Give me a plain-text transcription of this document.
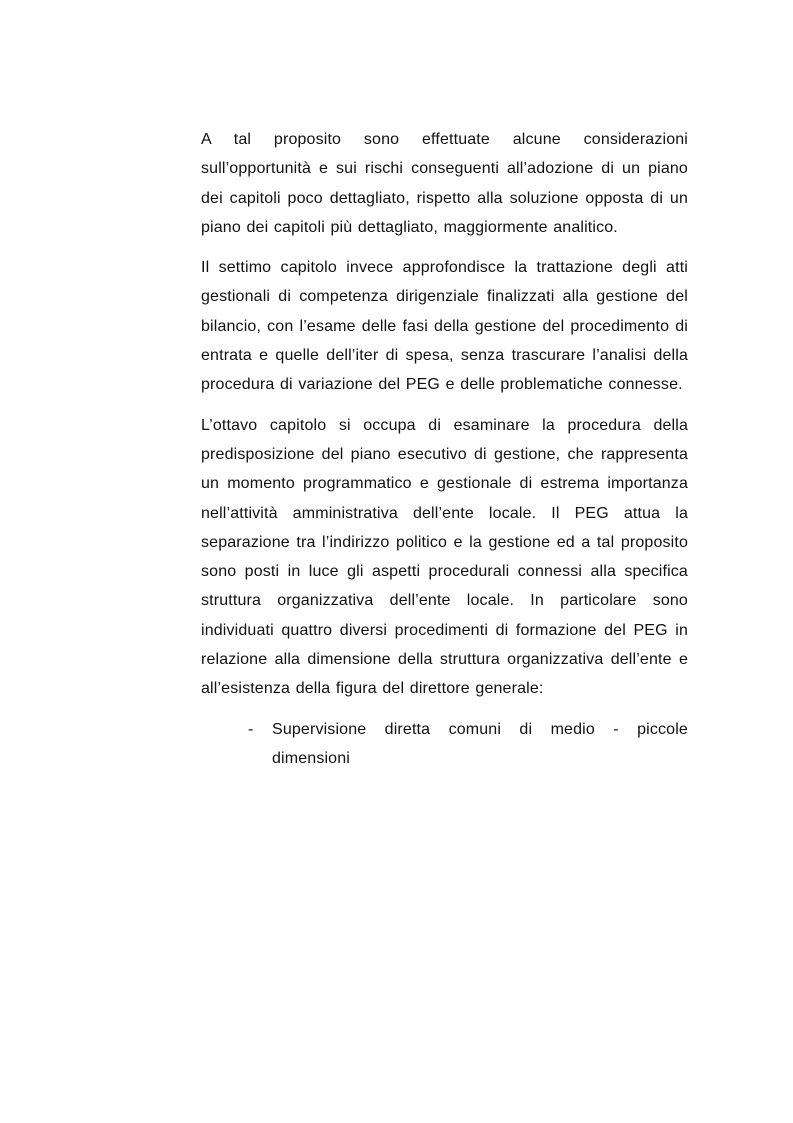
A tal proposito sono effettuate alcune considerazioni sull’opportunità e sui rischi conseguenti all’adozione di un piano dei capitoli poco dettagliato, rispetto alla soluzione opposta di un piano dei capitoli più dettagliato, maggiormente analitico.

Il settimo capitolo invece approfondisce la trattazione degli atti gestionali di competenza dirigenziale finalizzati alla gestione del bilancio, con l’esame delle fasi della gestione del procedimento di entrata e quelle dell’iter di spesa, senza trascurare l’analisi della procedura di variazione del PEG e delle problematiche connesse.

L’ottavo capitolo si occupa di esaminare la procedura della predisposizione del piano esecutivo di gestione, che rappresenta un momento programmatico e gestionale di estrema importanza nell’attività amministrativa dell’ente locale. Il PEG attua la separazione tra l’indirizzo politico e la gestione ed a tal proposito sono posti in luce gli aspetti procedurali connessi alla specifica struttura organizzativa dell’ente locale. In particolare sono individuati quattro diversi procedimenti di formazione del PEG in relazione alla dimensione della struttura organizzativa dell’ente e all’esistenza della figura del direttore generale:

- Supervisione diretta comuni di medio - piccole dimensioni
